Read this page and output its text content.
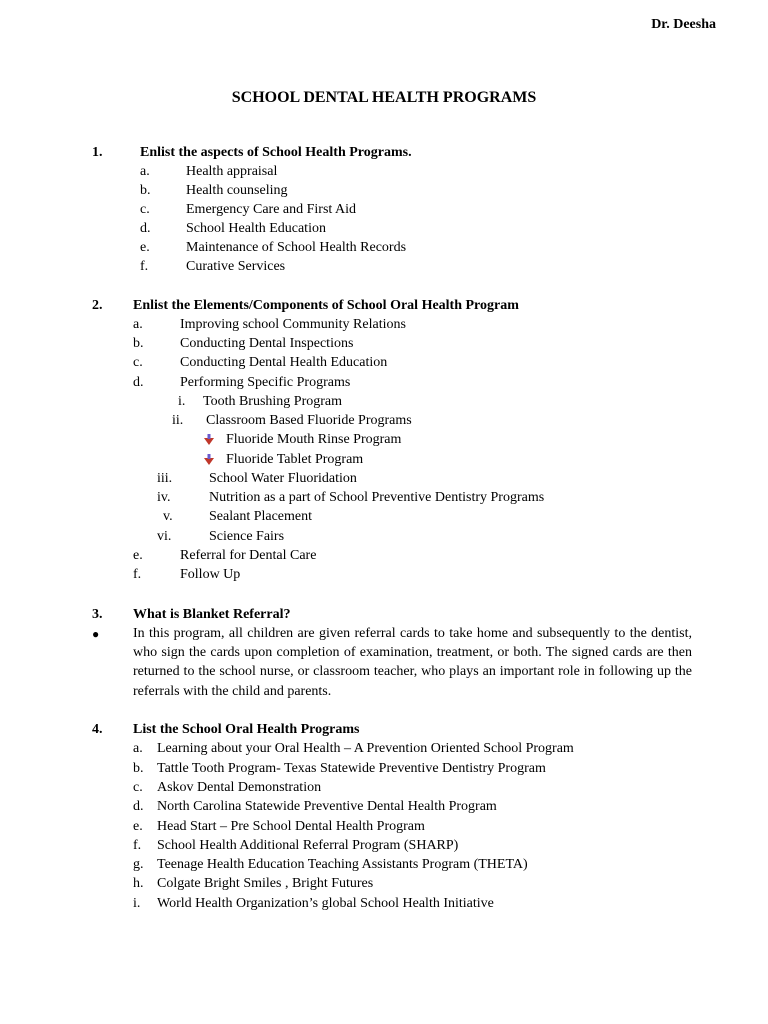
Dr. Deesha
SCHOOL DENTAL HEALTH PROGRAMS
1.	Enlist the aspects of School Health Programs.
a.	Health appraisal
b.	Health counseling
c.	Emergency Care and First Aid
d.	School Health Education
e.	Maintenance of School Health Records
f.	Curative Services
2. Enlist the Elements/Components of School Oral Health Program
a.	Improving school Community Relations
b.	Conducting Dental Inspections
c.	Conducting Dental Health Education
d.	Performing Specific Programs
i. Tooth Brushing Program
ii. Classroom Based Fluoride Programs
Fluoride Mouth Rinse Program
Fluoride Tablet Program
iii.	School Water Fluoridation
iv.	Nutrition as a part of School Preventive Dentistry Programs
v.	Sealant Placement
vi.	Science Fairs
e.	Referral for Dental Care
f.	Follow Up
3. What is Blanket Referral?
● In this program, all children are given referral cards to take home and subsequently to the dentist, who sign the cards upon completion of examination, treatment, or both. The signed cards are then returned to the school nurse, or classroom teacher, who plays an important role in following up the referrals with the child and parents.
4. List the School Oral Health Programs
a. Learning about your Oral Health – A Prevention Oriented School Program
b. Tattle Tooth Program- Texas Statewide Preventive Dentistry Program
c. Askov Dental Demonstration
d. North Carolina Statewide Preventive Dental Health Program
e. Head Start – Pre School Dental Health Program
f. School Health Additional Referral Program (SHARP)
g. Teenage Health Education Teaching Assistants Program (THETA)
h. Colgate Bright Smiles , Bright Futures
i. World Health Organization’s global School Health Initiative
